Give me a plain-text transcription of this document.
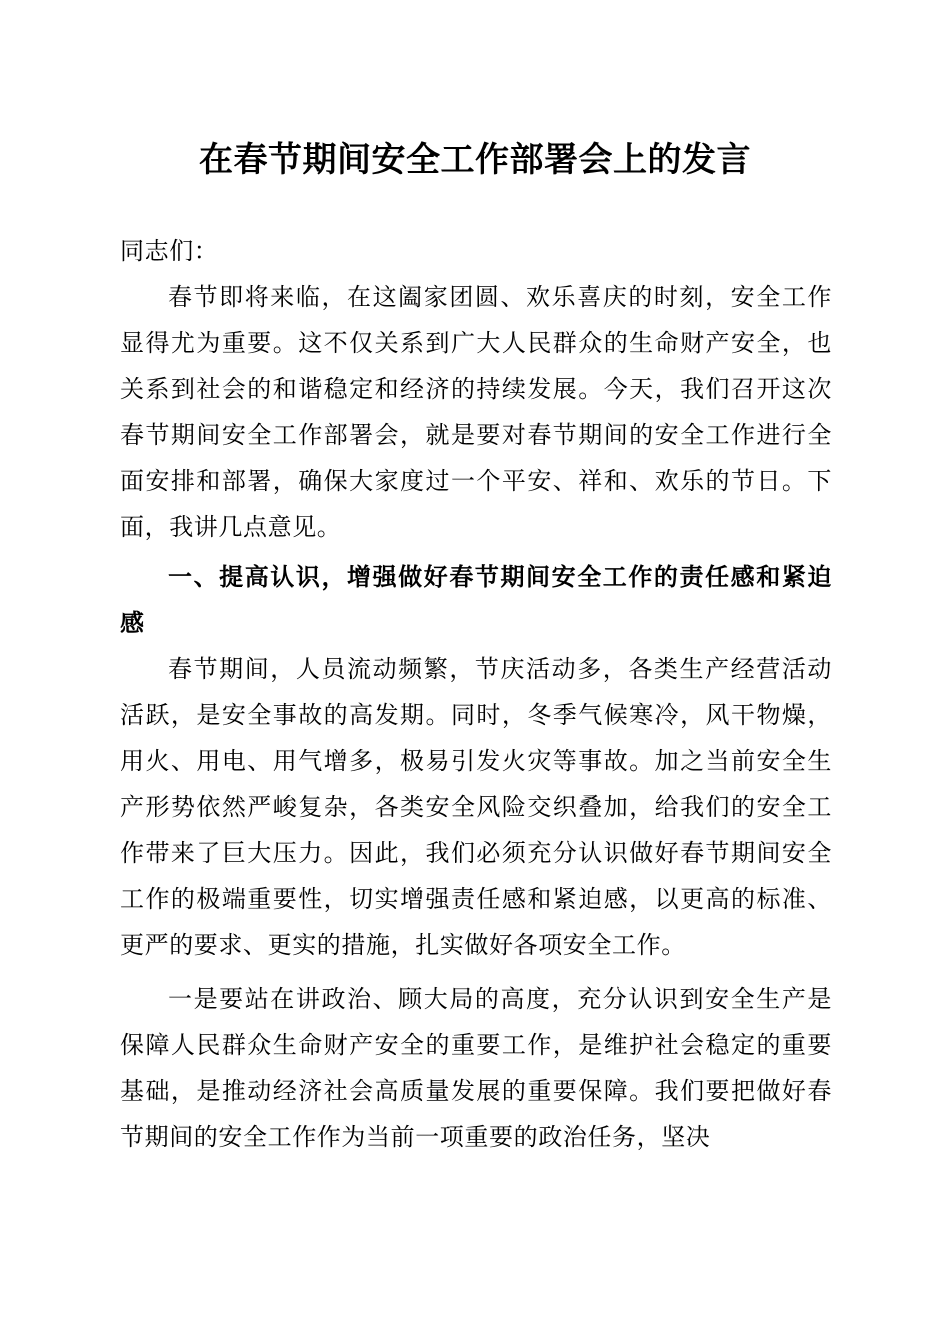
在春节期间安全工作部署会上的发言

同志们：

春节即将来临，在这阖家团圆、欢乐喜庆的时刻，安全工作显得尤为重要。这不仅关系到广大人民群众的生命财产安全，也关系到社会的和谐稳定和经济的持续发展。今天，我们召开这次春节期间安全工作部署会，就是要对春节期间的安全工作进行全面安排和部署，确保大家度过一个平安、祥和、欢乐的节日。下面，我讲几点意见。

一、提高认识，增强做好春节期间安全工作的责任感和紧迫感

春节期间，人员流动频繁，节庆活动多，各类生产经营活动活跃，是安全事故的高发期。同时，冬季气候寒冷，风干物燥，用火、用电、用气增多，极易引发火灾等事故。加之当前安全生产形势依然严峻复杂，各类安全风险交织叠加，给我们的安全工作带来了巨大压力。因此，我们必须充分认识做好春节期间安全工作的极端重要性，切实增强责任感和紧迫感，以更高的标准、更严的要求、更实的措施，扎实做好各项安全工作。

一是要站在讲政治、顾大局的高度，充分认识到安全生产是保障人民群众生命财产安全的重要工作，是维护社会稳定的重要基础，是推动经济社会高质量发展的重要保障。我们要把做好春节期间的安全工作作为当前一项重要的政治任务，坚决
